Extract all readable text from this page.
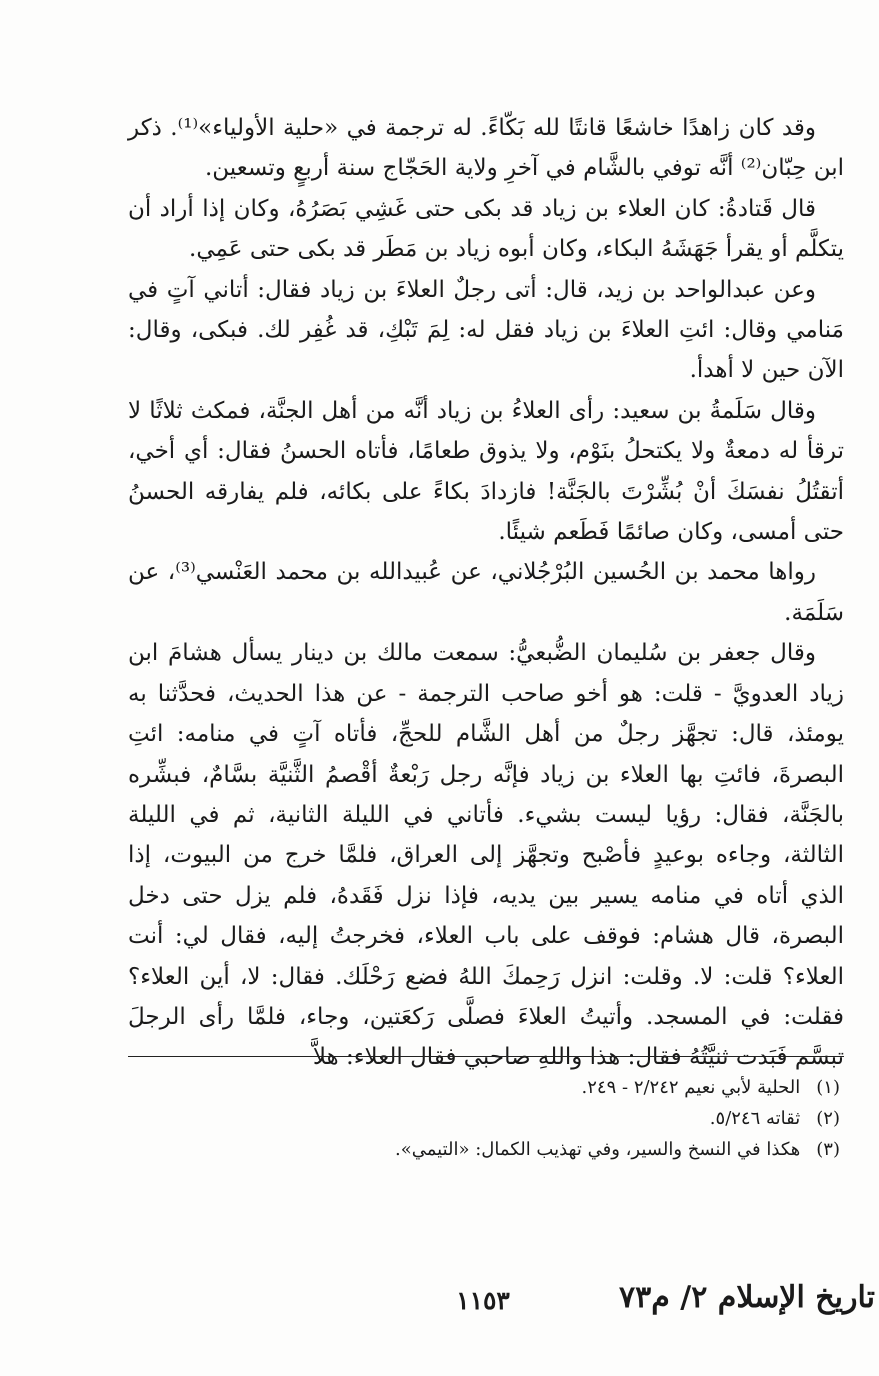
وقد كان زاهدًا خاشعًا قانتًا لله بَكّاءً. له ترجمة في «حلية الأولياء»⁽¹⁾. ذكر ابن حِبّان⁽²⁾ أنَّه توفي بالشَّام في آخرِ ولاية الحَجّاج سنة أربعٍ وتسعين.

قال قَتادةُ: كان العلاء بن زياد قد بكى حتى غَشِي بَصَرُهُ، وكان إذا أراد أن يتكلَّم أو يقرأ جَهَشَهُ البكاء، وكان أبوه زياد بن مَطَر قد بكى حتى عَمِي.

وعن عبدالواحد بن زيد، قال: أتى رجلٌ العلاءَ بن زياد فقال: أتاني آتٍ في مَنامي وقال: ائتِ العلاءَ بن زياد فقل له: لِمَ تَبْكِ، قد غُفِر لك. فبكى، وقال: الآن حين لا أهدأ.

وقال سَلَمةُ بن سعيد: رأى العلاءُ بن زياد أنَّه من أهل الجنَّة، فمكث ثلاثًا لا ترقأ له دمعةٌ ولا يكتحلُ بنَوْم، ولا يذوق طعامًا، فأتاه الحسنُ فقال: أي أخي، أتقتُلُ نفسَكَ أنْ بُشِّرْتَ بالجَنَّة! فازدادَ بكاءً على بكائه، فلم يفارقه الحسنُ حتى أمسى، وكان صائمًا فَطَعم شيئًا.

رواها محمد بن الحُسين البُرْجُلاني، عن عُبيدالله بن محمد العَنْسي⁽³⁾، عن سَلَمَة.

وقال جعفر بن سُليمان الضُّبعيُّ: سمعت مالك بن دينار يسأل هشامَ ابن زياد العدويَّ - قلت: هو أخو صاحب الترجمة - عن هذا الحديث، فحدَّثنا به يومئذ، قال: تجهَّز رجلٌ من أهل الشَّام للحجِّ، فأتاه آتٍ في منامه: ائتِ البصرةَ، فائتِ بها العلاء بن زياد فإنَّه رجل رَبْعةٌ أقْصمُ الثَّنيَّة بسَّامٌ، فبشِّره بالجَنَّة، فقال: رؤيا ليست بشيء. فأتاني في الليلة الثانية، ثم في الليلة الثالثة، وجاءه بوعيدٍ فأصْبح وتجهَّز إلى العراق، فلمَّا خرج من البيوت، إذا الذي أتاه في منامه يسير بين يديه، فإذا نزل فَقَدهُ، فلم يزل حتى دخل البصرة، قال هشام: فوقف على باب العلاء، فخرجتُ إليه، فقال لي: أنت العلاء؟ قلت: لا. وقلت: انزل رَحِمكَ اللهُ فضع رَحْلَك. فقال: لا، أين العلاء؟ فقلت: في المسجد. وأتيتُ العلاءَ فصلَّى رَكعَتين، وجاء، فلمَّا رأى الرجلَ تبسَّم فَبَدت ثنيَّتُهُ فقال: هذا واللهِ صاحبي فقال العلاء: هلاَّ

(١) الحلية لأبي نعيم ٢/٢٤٢ - ٢٤٩.

(٢) ثقاته ٥/٢٤٦.

(٣) هكذا في النسخ والسير، وفي تهذيب الكمال: «التيمي».

١١٥٣	تاريخ الإسلام ٢/ م٧٣
